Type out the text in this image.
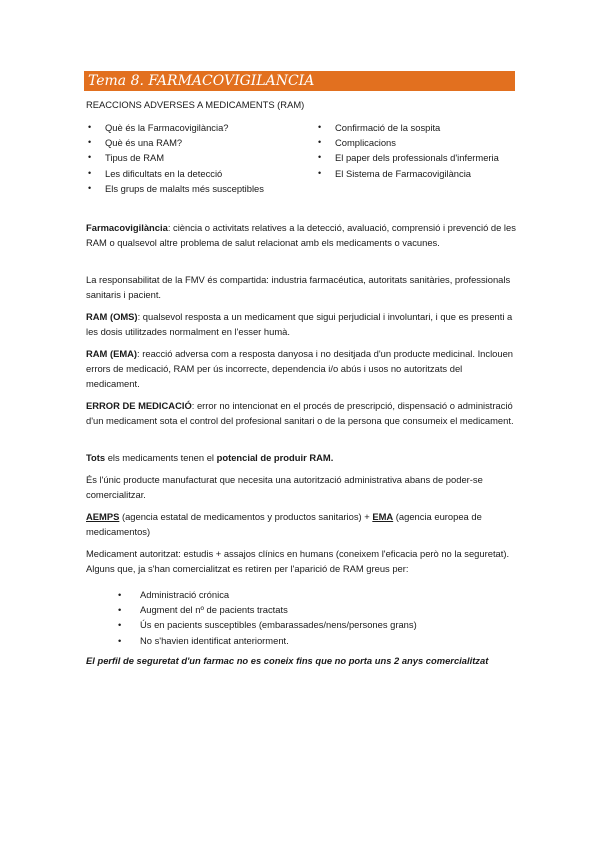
Tema 8. FARMACOVIGILANCIA
REACCIONS ADVERSES A MEDICAMENTS (RAM)
• Què és la Farmacovigilància?
• Què és una RAM?
• Tipus de RAM
• Les dificultats en la detecció
• Els grups de malalts més susceptibles
• Confirmació de la sospita
• Complicacions
• El paper dels professionals d'infermeria
• El Sistema de Farmacovigilància

Farmacovigilància: ciència o activitats relatives a la detecció, avaluació, comprensió i prevenció de les RAM o qualsevol altre problema de salut relacionat amb els medicaments o vacunes.

La responsabilitat de la FMV és compartida: industria farmacéutica, autoritats sanitàries, professionals sanitaris i pacient.

RAM (OMS): qualsevol resposta a un medicament que sigui perjudicial i involuntari, i que es presenti a les dosis utilitzades normalment en l'esser humà.

RAM (EMA): reacció adversa com a resposta danyosa i no desitjada d'un producte medicinal. Inclouen errors de medicació, RAM per ús incorrecte, dependencia i/o abús i usos no autoritzats del medicament.

ERROR DE MEDICACIÓ: error no intencionat en el procés de prescripció, dispensació o administració d'un medicament sota el control del profesional sanitari o de la persona que consumeix el medicament.

Tots els medicaments tenen el potencial de produir RAM.

És l'únic producte manufacturat que necesita una autorització administrativa abans de poder-se comercialitzar.

AEMPS (agencia estatal de medicamentos y productos sanitarios) + EMA (agencia europea de medicamentos)

Medicament autoritzat: estudis + assajos clínics en humans (coneixem l'eficacia però no la seguretat). Alguns que, ja s'han comercialitzat es retiren per l'aparició de RAM greus per:

• Administració crónica
• Augment del nº de pacients tractats
• Ús en pacients susceptibles (embarassades/nens/persones grans)
• No s'havien identificat anteriorment.
El perfil de seguretat d'un farmac no es coneix fins que no porta uns 2 anys comercialitzat
